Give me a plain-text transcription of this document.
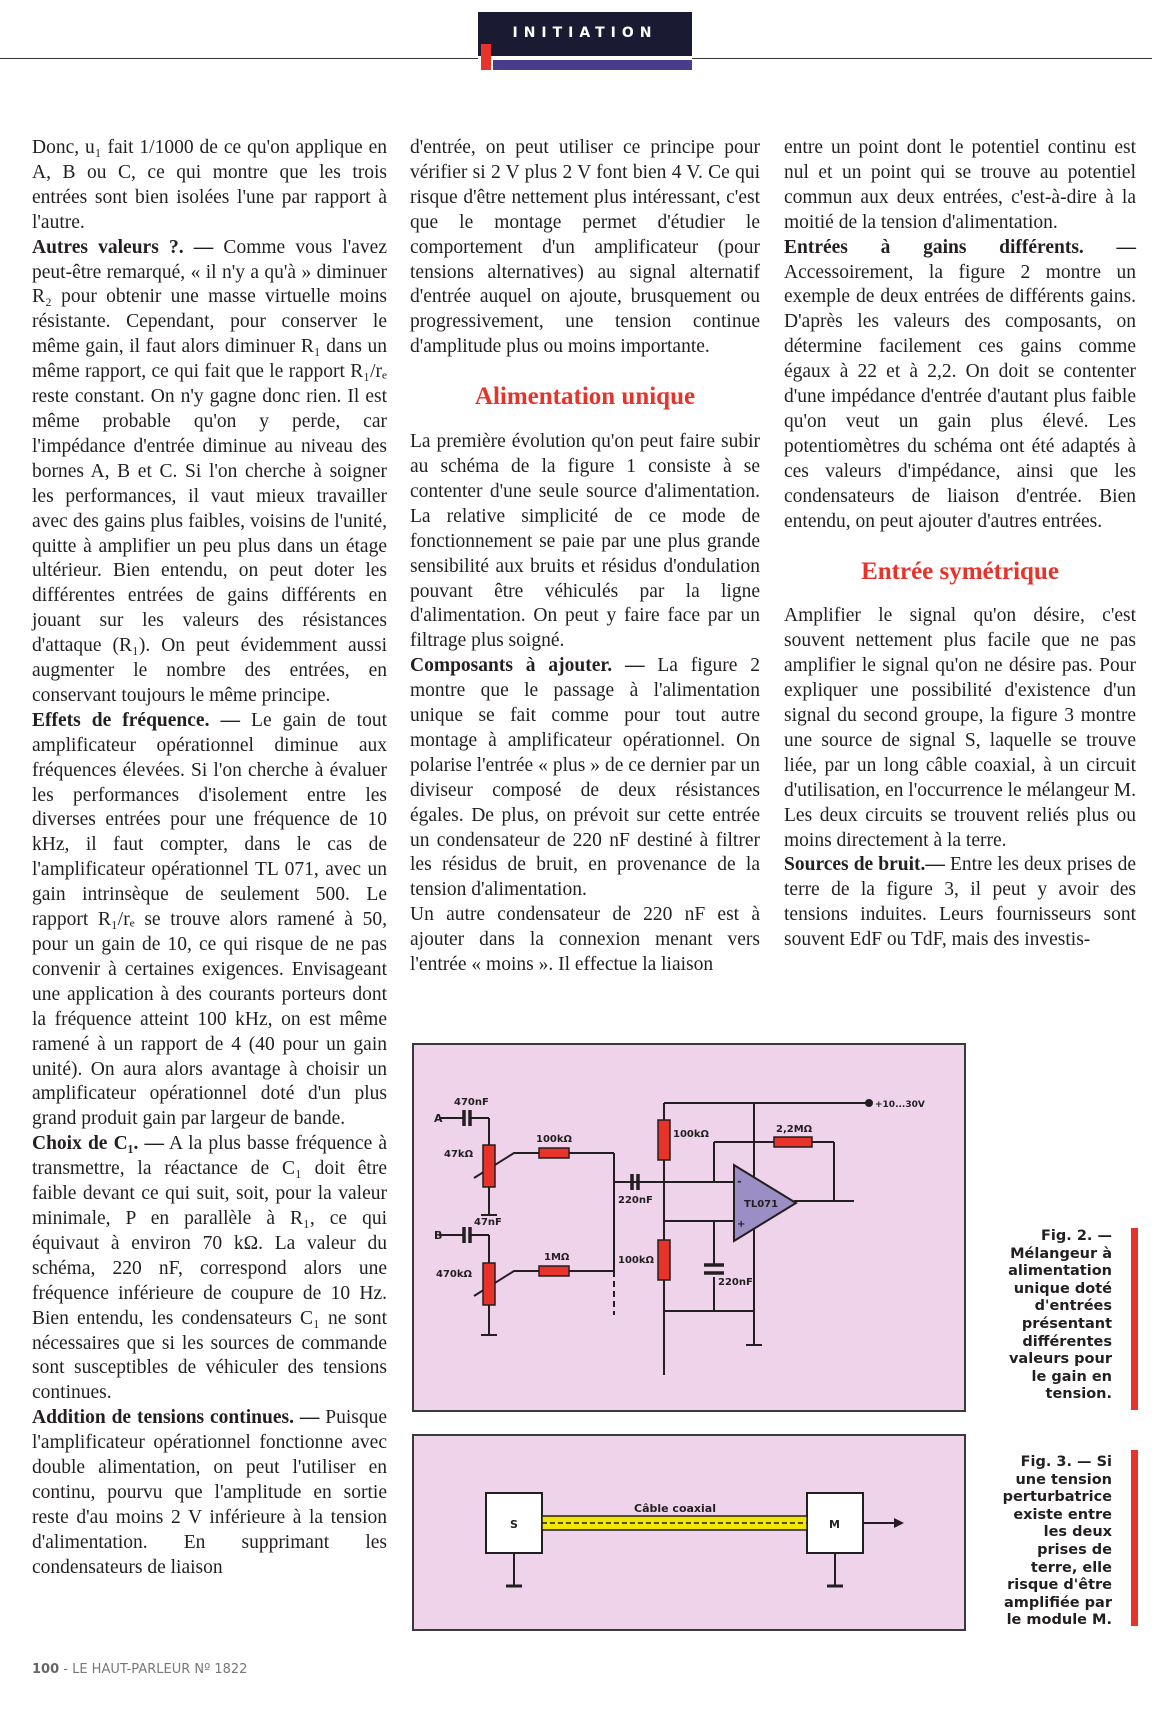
INITIATION

Donc, u₁ fait 1/1000 de ce qu'on applique en A, B ou C, ce qui montre que les trois entrées sont bien isolées l'une par rapport à l'autre.

Autres valeurs ?. — Comme vous l'avez peut-être remarqué, « il n'y a qu'à » diminuer R₂ pour obtenir une masse virtuelle moins résistante. Cependant, pour conserver le même gain, il faut alors diminuer R₁ dans un même rapport, ce qui fait que le rapport R₁/rₑ reste constant. On n'y gagne donc rien. Il est même probable qu'on y perde, car l'impédance d'entrée diminue au niveau des bornes A, B et C. Si l'on cherche à soigner les performances, il vaut mieux travailler avec des gains plus faibles, voisins de l'unité, quitte à amplifier un peu plus dans un étage ultérieur. Bien entendu, on peut doter les différentes entrées de gains différents en jouant sur les valeurs des résistances d'attaque (R₁). On peut évidemment aussi augmenter le nombre des entrées, en conservant toujours le même principe.

Effets de fréquence. — Le gain de tout amplificateur opérationnel diminue aux fréquences élevées. Si l'on cherche à évaluer les performances d'isolement entre les diverses entrées pour une fréquence de 10 kHz, il faut compter, dans le cas de l'amplificateur opérationnel TL 071, avec un gain intrinsèque de seulement 500. Le rapport R₁/rₑ se trouve alors ramené à 50, pour un gain de 10, ce qui risque de ne pas convenir à certaines exigences. Envisageant une application à des courants porteurs dont la fréquence atteint 100 kHz, on est même ramené à un rapport de 4 (40 pour un gain unité). On aura alors avantage à choisir un amplificateur opérationnel doté d'un plus grand produit gain par largeur de bande.

Choix de C₁. — A la plus basse fréquence à transmettre, la réactance de C₁ doit être faible devant ce qui suit, soit, pour la valeur minimale, P en parallèle à R₁, ce qui équivaut à environ 70 kΩ. La valeur du schéma, 220 nF, correspond alors une fréquence inférieure de coupure de 10 Hz. Bien entendu, les condensateurs C₁ ne sont nécessaires que si les sources de commande sont susceptibles de véhiculer des tensions continues.

Addition de tensions continues. — Puisque l'amplificateur opérationnel fonctionne avec double alimentation, on peut l'utiliser en continu, pourvu que l'amplitude en sortie reste d'au moins 2 V inférieure à la tension d'alimentation. En supprimant les condensateurs de liaison

d'entrée, on peut utiliser ce principe pour vérifier si 2 V plus 2 V font bien 4 V. Ce qui risque d'être nettement plus intéressant, c'est que le montage permet d'étudier le comportement d'un amplificateur (pour tensions alternatives) au signal alternatif d'entrée auquel on ajoute, brusquement ou progressivement, une tension continue d'amplitude plus ou moins importante.

Alimentation unique

La première évolution qu'on peut faire subir au schéma de la figure 1 consiste à se contenter d'une seule source d'alimentation. La relative simplicité de ce mode de fonctionnement se paie par une plus grande sensibilité aux bruits et résidus d'ondulation pouvant être véhiculés par la ligne d'alimentation. On peut y faire face par un filtrage plus soigné.

Composants à ajouter. — La figure 2 montre que le passage à l'alimentation unique se fait comme pour tout autre montage à amplificateur opérationnel. On polarise l'entrée « plus » de ce dernier par un diviseur composé de deux résistances égales. De plus, on prévoit sur cette entrée un condensateur de 220 nF destiné à filtrer les résidus de bruit, en provenance de la tension d'alimentation.

Un autre condensateur de 220 nF est à ajouter dans la connexion menant vers l'entrée « moins ». Il effectue la liaison

entre un point dont le potentiel continu est nul et un point qui se trouve au potentiel commun aux deux entrées, c'est-à-dire à la moitié de la tension d'alimentation.

Entrées à gains différents. — Accessoirement, la figure 2 montre un exemple de deux entrées de différents gains. D'après les valeurs des composants, on détermine facilement ces gains comme égaux à 22 et à 2,2. On doit se contenter d'une impédance d'entrée d'autant plus faible qu'on veut un gain plus élevé. Les potentiomètres du schéma ont été adaptés à ces valeurs d'impédance, ainsi que les condensateurs de liaison d'entrée. Bien entendu, on peut ajouter d'autres entrées.

Entrée symétrique

Amplifier le signal qu'on désire, c'est souvent nettement plus facile que ne pas amplifier le signal qu'on ne désire pas. Pour expliquer une possibilité d'existence d'un signal du second groupe, la figure 3 montre une source de signal S, laquelle se trouve liée, par un long câble coaxial, à un circuit d'utilisation, en l'occurrence le mélangeur M. Les deux circuits se trouvent reliés plus ou moins directement à la terre.

Sources de bruit.— Entre les deux prises de terre de la figure 3, il peut y avoir des tensions induites. Leurs fournisseurs sont souvent EdF ou TdF, mais des investis-

A
B
470nF
47nF
47kΩ
470kΩ
100kΩ
1MΩ
220nF
100kΩ
100kΩ
220nF
2,2MΩ
TL071
+10...30V
-
+
Fig. 2. — Mélangeur à alimentation unique doté d'entrées présentant différentes valeurs pour le gain en tension.
S	M
Câble coaxial
Fig. 3. — Si une tension perturbatrice existe entre les deux prises de terre, elle risque d'être amplifiée par le module M.
100 - LE HAUT-PARLEUR Nº 1822
